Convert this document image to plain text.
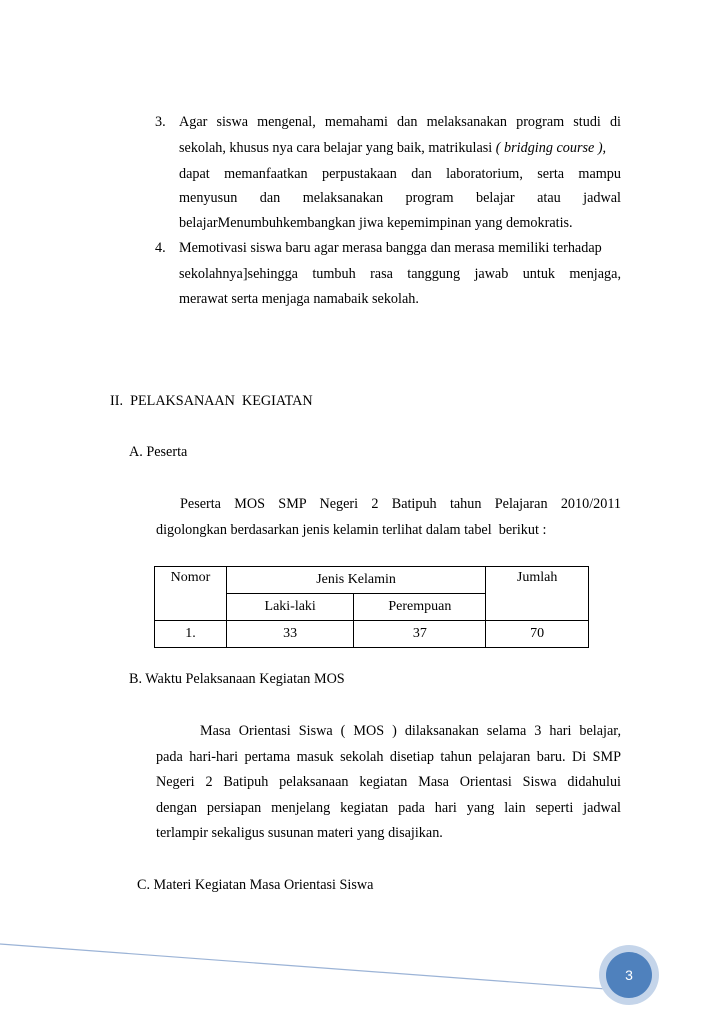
3. Agar siswa mengenal, memahami dan melaksanakan program studi di
sekolah, khusus nya cara belajar yang baik, matrikulasi ( bridging course ),
dapat memanfaatkan perpustakaan dan laboratorium, serta mampu
menyusun dan melaksanakan program belajar atau jadwal
belajarMenumbuhkembangkan jiwa kepemimpinan yang demokratis.
4. Memotivasi siswa baru agar merasa bangga dan merasa memiliki terhadap
sekolahnya]sehingga tumbuh rasa tanggung jawab untuk menjaga,
merawat serta menjaga namabaik sekolah.
II.  PELAKSANAAN  KEGIATAN
A. Peserta
Peserta MOS SMP Negeri 2 Batipuh tahun Pelajaran 2010/2011
digolongkan berdasarkan jenis kelamin terlihat dalam tabel  berikut :
Nomor	Jenis Kelamin		Jumlah
	Laki-laki	Perempuan	
1.	33	37	70
B. Waktu Pelaksanaan Kegiatan MOS
Masa Orientasi Siswa ( MOS ) dilaksanakan selama 3 hari belajar,
pada hari-hari pertama masuk sekolah disetiap tahun pelajaran baru. Di SMP
Negeri 2 Batipuh pelaksanaan kegiatan Masa Orientasi Siswa didahului
dengan persiapan menjelang kegiatan pada hari yang lain seperti jadwal
terlampir sekaligus susunan materi yang disajikan.
C. Materi Kegiatan Masa Orientasi Siswa
3
